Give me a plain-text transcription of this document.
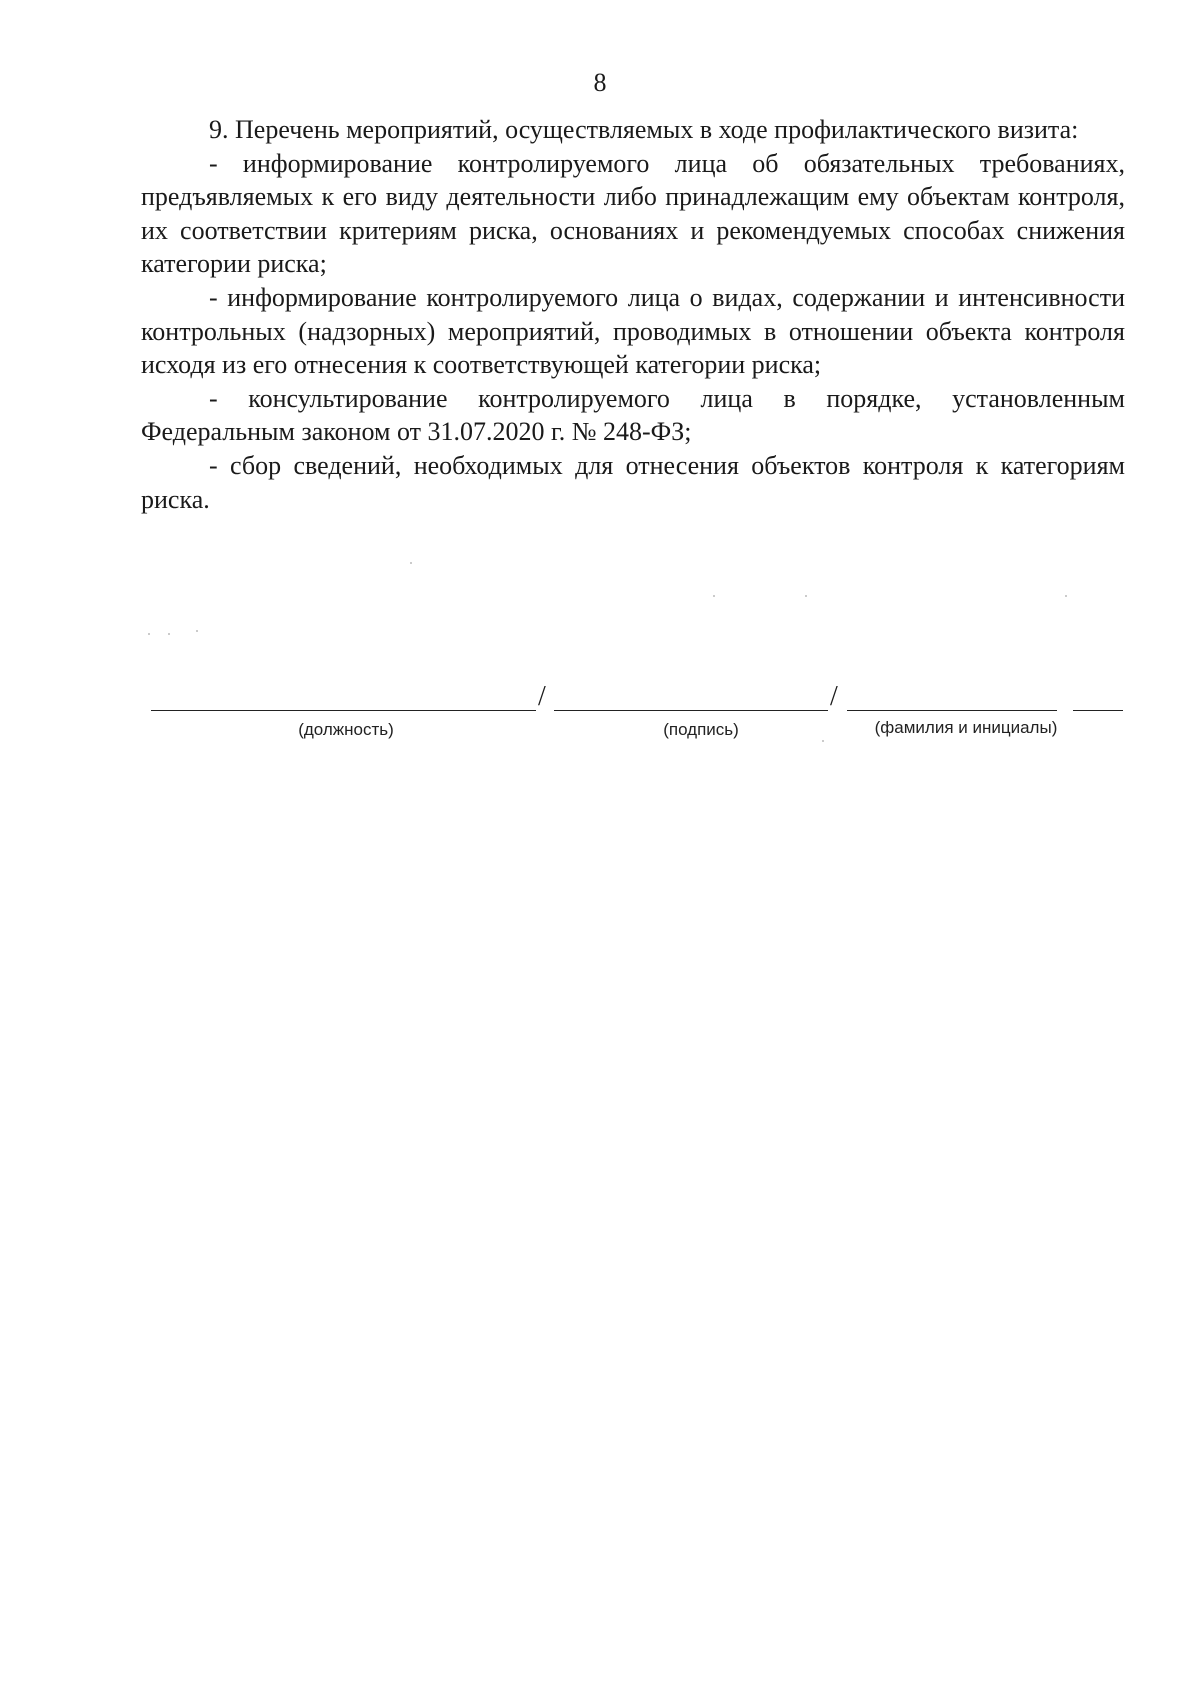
8

9. Перечень мероприятий, осуществляемых в ходе профилактического визита:

- информирование контролируемого лица об обязательных требованиях, предъявляемых к его виду деятельности либо принадлежащим ему объектам контроля, их соответствии критериям риска, основаниях и рекомендуемых способах снижения категории риска;

- информирование контролируемого лица о видах, содержании и интенсивности контрольных (надзорных) мероприятий, проводимых в отношении объекта контроля исходя из его отнесения к соответствующей категории риска;

- консультирование контролируемого лица в порядке, установленным Федеральным законом от 31.07.2020 г. № 248-ФЗ;

- сбор сведений, необходимых для отнесения объектов контроля к категориям риска.

/	/
(должность)	(подпись)	(фамилия и инициалы)
